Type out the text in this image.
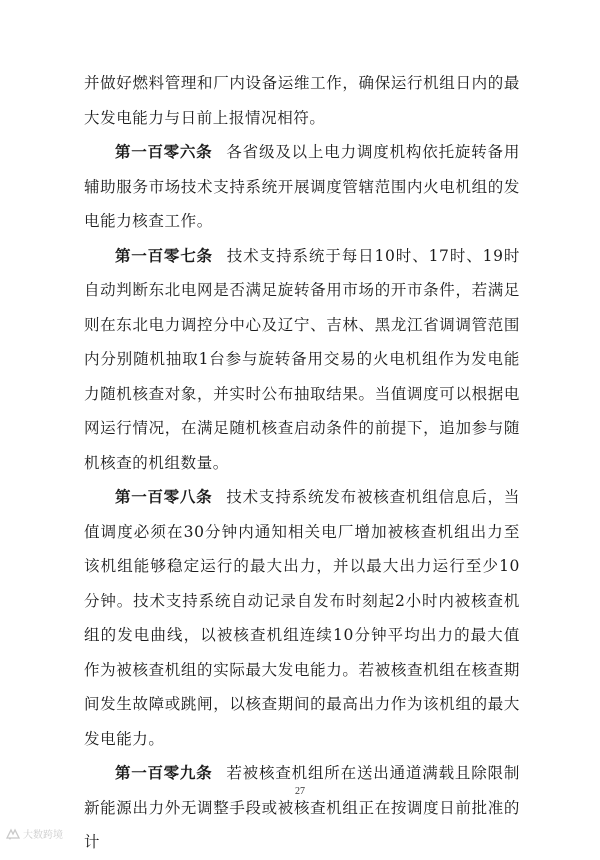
并做好燃料管理和厂内设备运维工作，确保运行机组日内的最大发电能力与日前上报情况相符。

第一百零六条 各省级及以上电力调度机构依托旋转备用辅助服务市场技术支持系统开展调度管辖范围内火电机组的发电能力核查工作。

第一百零七条 技术支持系统于每日10时、17时、19时自动判断东北电网是否满足旋转备用市场的开市条件，若满足则在东北电力调控分中心及辽宁、吉林、黑龙江省调调管范围内分别随机抽取1台参与旋转备用交易的火电机组作为发电能力随机核查对象，并实时公布抽取结果。当值调度可以根据电网运行情况，在满足随机核查启动条件的前提下，追加参与随机核查的机组数量。

第一百零八条 技术支持系统发布被核查机组信息后，当值调度必须在30分钟内通知相关电厂增加被核查机组出力至该机组能够稳定运行的最大出力，并以最大出力运行至少10分钟。技术支持系统自动记录自发布时刻起2小时内被核查机组的发电曲线，以被核查机组连续10分钟平均出力的最大值作为被核查机组的实际最大发电能力。若被核查机组在核查期间发生故障或跳闸，以核查期间的最高出力作为该机组的最大发电能力。

第一百零九条 若被核查机组所在送出通道满载且除限制新能源出力外无调整手段或被核查机组正在按调度日前批准的计

27
大数跨境
